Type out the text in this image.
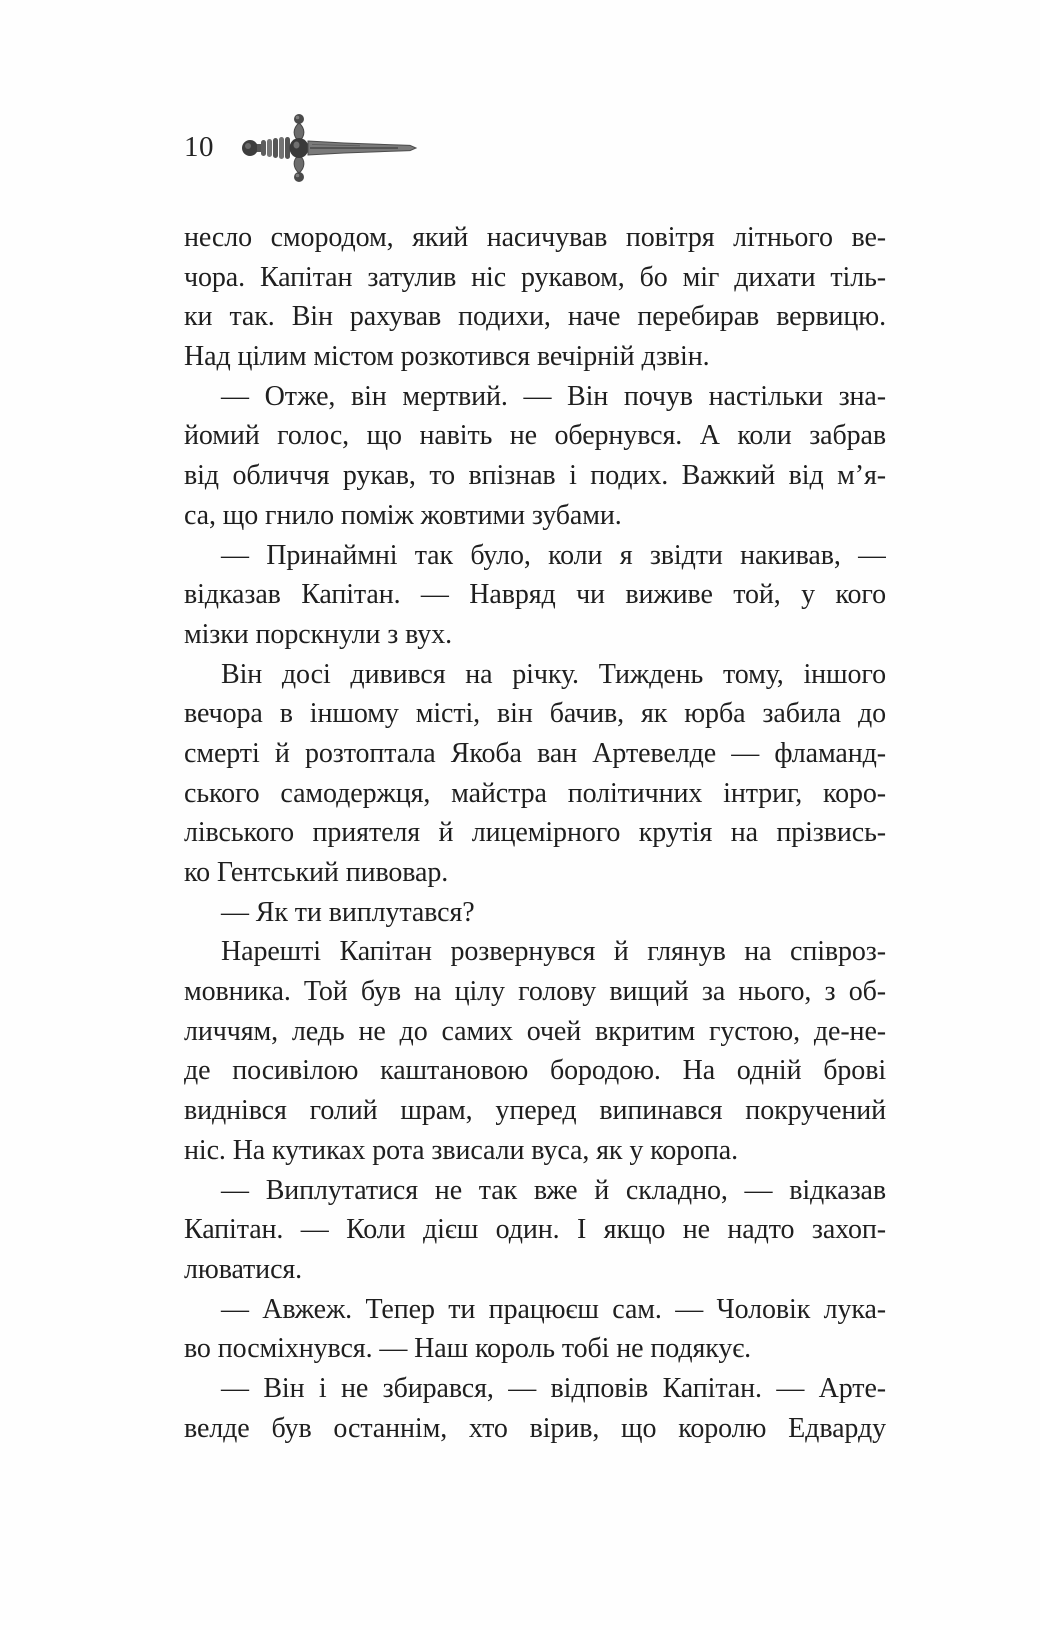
10
несло смородом, який насичував повітря літнього ве-
чора. Капітан затулив ніс рукавом, бо міг дихати тіль-
ки так. Він рахував подихи, наче перебирав вервицю.
Над цілим містом розкотився вечірній дзвін.
— Отже, він мертвий. — Він почув настільки зна-
йомий голос, що навіть не обернувся. А коли забрав
від обличчя рукав, то впізнав і подих. Важкий від м’я-
са, що гнило поміж жовтими зубами.
— Принаймні так було, коли я звідти накивав, —
відказав Капітан. — Навряд чи виживе той, у кого
мізки порскнули з вух.
Він досі дивився на річку. Тиждень тому, іншого
вечора в іншому місті, він бачив, як юрба забила до
смерті й розтоптала Якоба ван Артевелде — фламанд-
ського самодержця, майстра політичних інтриг, коро-
лівського приятеля й лицемірного крутія на прізвись-
ко Гентський пивовар.
— Як ти виплутався?
Нарешті Капітан розвернувся й глянув на співроз-
мовника. Той був на цілу голову вищий за нього, з об-
личчям, ледь не до самих очей вкритим густою, де-не-
де посивілою каштановою бородою. На одній брові
виднівся голий шрам, уперед випинався покручений
ніс. На кутиках рота звисали вуса, як у коропа.
— Виплутатися не так вже й складно, — відказав
Капітан. — Коли дієш один. І якщо не надто захоп-
люватися.
— Авжеж. Тепер ти працюєш сам. — Чоловік лука-
во посміхнувся. — Наш король тобі не подякує.
— Він і не збирався, — відповів Капітан. — Арте-
велде був останнім, хто вірив, що королю Едварду
